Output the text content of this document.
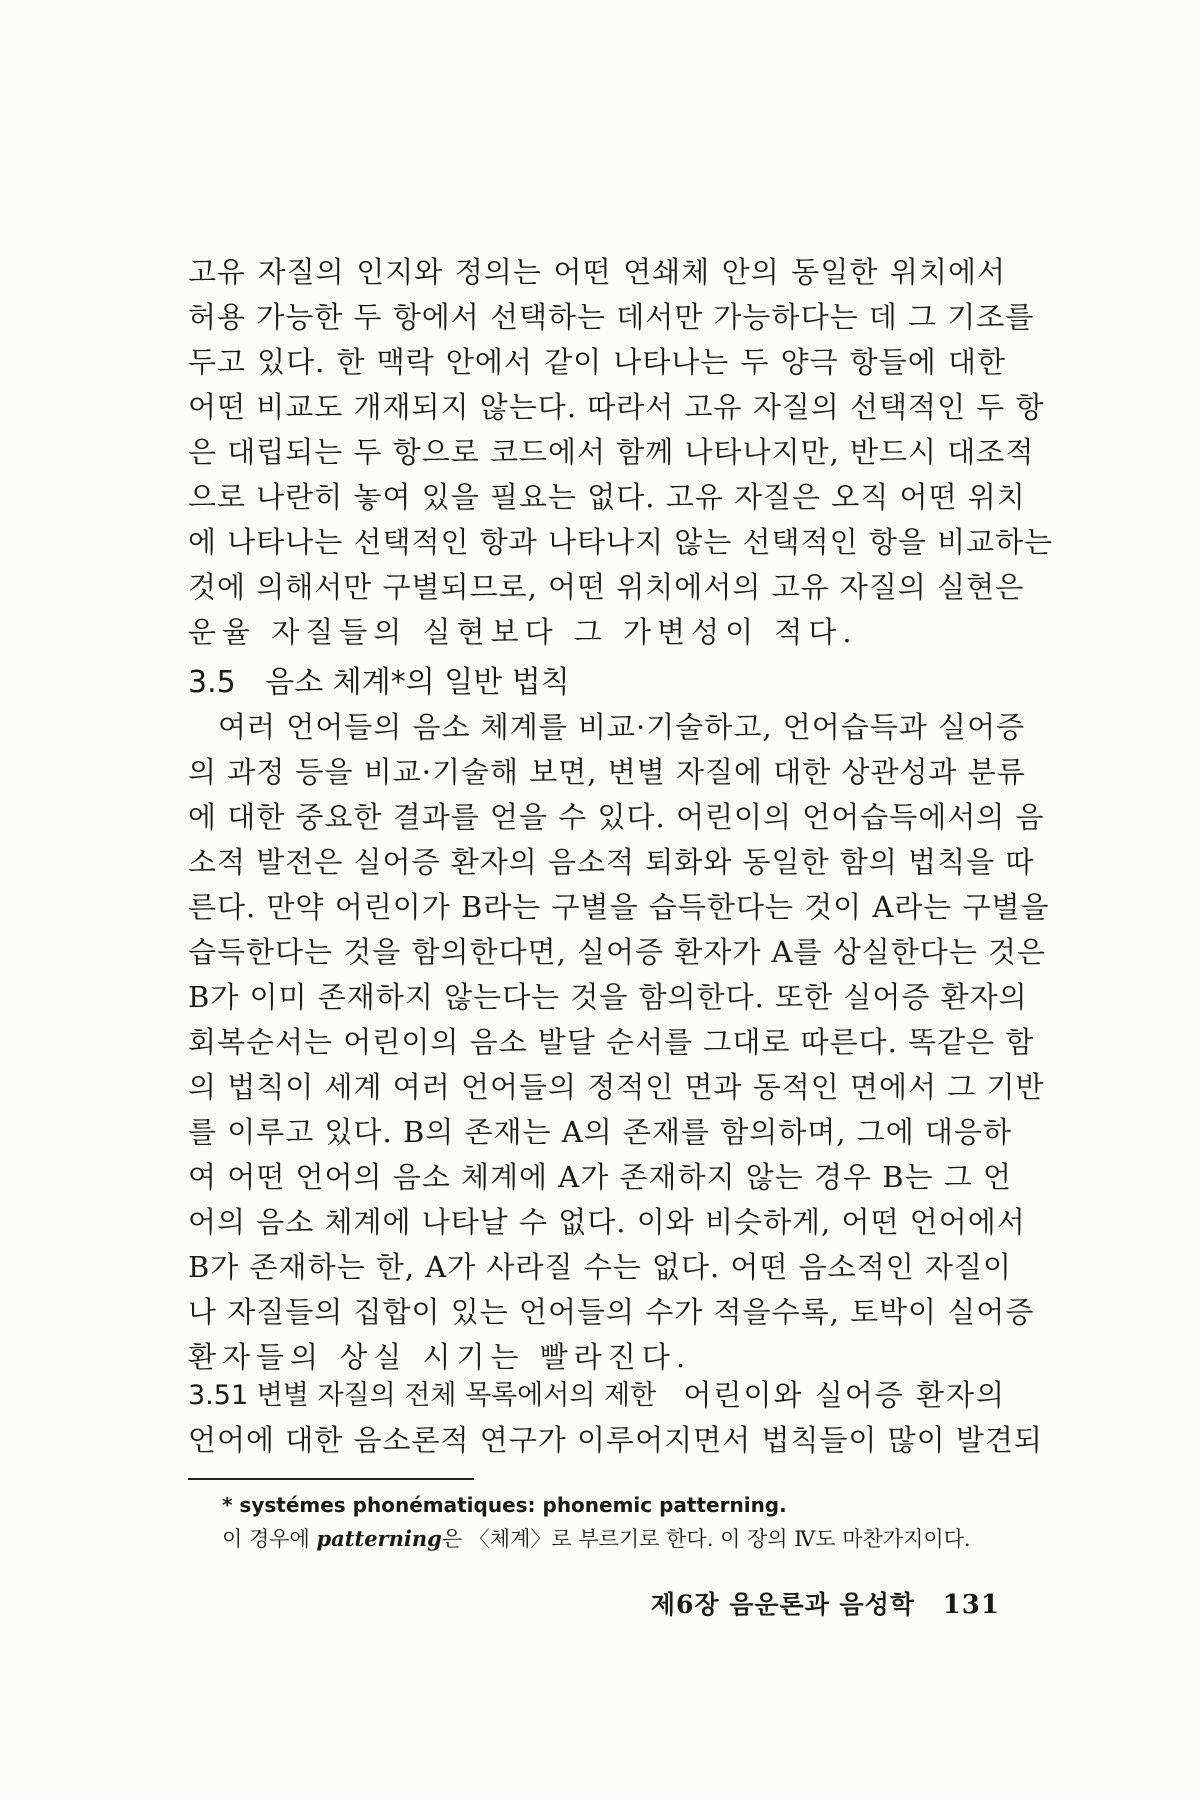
고유 자질의 인지와 정의는 어떤 연쇄체 안의 동일한 위치에서
허용 가능한 두 항에서 선택하는 데서만 가능하다는 데 그 기조를
두고 있다. 한 맥락 안에서 같이 나타나는 두 양극 항들에 대한
어떤 비교도 개재되지 않는다. 따라서 고유 자질의 선택적인 두 항
은 대립되는 두 항으로 코드에서 함께 나타나지만, 반드시 대조적
으로 나란히 놓여 있을 필요는 없다. 고유 자질은 오직 어떤 위치
에 나타나는 선택적인 항과 나타나지 않는 선택적인 항을 비교하는
것에 의해서만 구별되므로, 어떤 위치에서의 고유 자질의 실현은
운율 자질들의 실현보다 그 가변성이 적다.
3.5 음소 체계*의 일반 법칙
여러 언어들의 음소 체계를 비교·기술하고, 언어습득과 실어증
의 과정 등을 비교·기술해 보면, 변별 자질에 대한 상관성과 분류
에 대한 중요한 결과를 얻을 수 있다. 어린이의 언어습득에서의 음
소적 발전은 실어증 환자의 음소적 퇴화와 동일한 함의 법칙을 따
른다. 만약 어린이가 B라는 구별을 습득한다는 것이 A라는 구별을
습득한다는 것을 함의한다면, 실어증 환자가 A를 상실한다는 것은
B가 이미 존재하지 않는다는 것을 함의한다. 또한 실어증 환자의
회복순서는 어린이의 음소 발달 순서를 그대로 따른다. 똑같은 함
의 법칙이 세계 여러 언어들의 정적인 면과 동적인 면에서 그 기반
를 이루고 있다. B의 존재는 A의 존재를 함의하며, 그에 대응하
여 어떤 언어의 음소 체계에 A가 존재하지 않는 경우 B는 그 언
어의 음소 체계에 나타날 수 없다. 이와 비슷하게, 어떤 언어에서
B가 존재하는 한, A가 사라질 수는 없다. 어떤 음소적인 자질이
나 자질들의 집합이 있는 언어들의 수가 적을수록, 토박이 실어증
환자들의 상실 시기는 빨라진다.
3.51 변별 자질의 전체 목록에서의 제한 어린이와 실어증 환자의
언어에 대한 음소론적 연구가 이루어지면서 법칙들이 많이 발견되
* systémes phonématiques: phonemic patterning.
이 경우에 patterning은 〈체계〉로 부르기로 한다. 이 장의 Ⅳ도 마찬가지이다.
제6장 음운론과 음성학 131
